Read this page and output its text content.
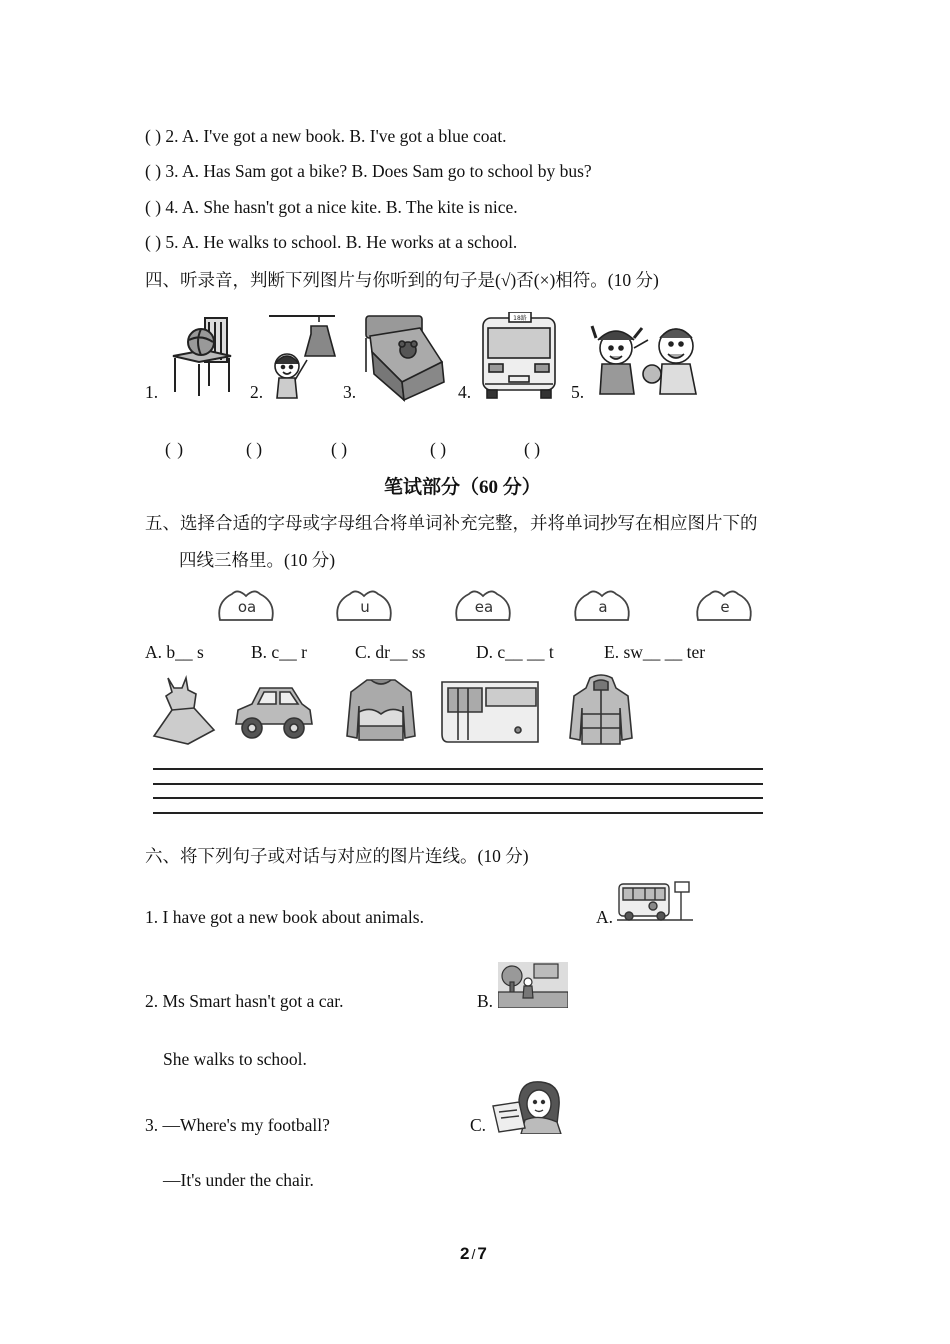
( ) 2. A. I've got a new book. B. I've got a blue coat.
( ) 3. A. Has Sam got a bike? B. Does Sam go to school by bus?
( ) 4. A. She hasn't got a nice kite. B. The kite is nice.
( ) 5. A. He walks to school. B. He works at a school.
四、听录音，判断下列图片与你听到的句子是(√)否(×)相符。(10 分)
1.	2.	3.	4.
18路
5.
( )	( )	( )	( )	( )
笔试部分（60 分）
五、选择合适的字母或字母组合将单词补充完整，并将单词抄写在相应图片下的
四线三格里。(10 分)
oa	u	ea	a	e
A. b__ s	B. c__ r	C. dr__ ss	D. c__ __ t	E. sw__ __ ter
六、将下列句子或对话与对应的图片连线。(10 分)
1. I have got a new book about animals.	A.
2. Ms Smart hasn't got a car.	B.
She walks to school.
3. —Where's my football?	C.
—It's under the chair.
2 / 7
